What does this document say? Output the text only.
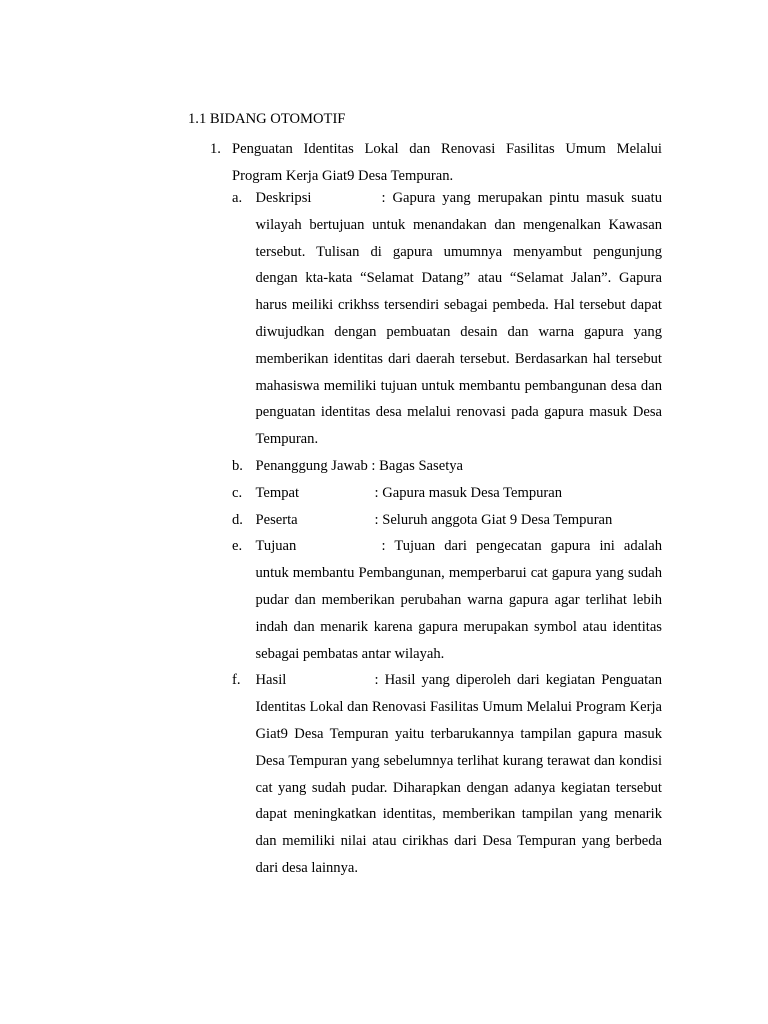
1.1 BIDANG OTOMOTIF
1. Penguatan Identitas Lokal dan Renovasi Fasilitas Umum Melalui Program Kerja Giat9 Desa Tempuran.
a. Deskripsi	: Gapura yang merupakan pintu masuk suatu wilayah bertujuan untuk menandakan dan mengenalkan Kawasan tersebut. Tulisan di gapura umumnya menyambut pengunjung dengan kta-kata “Selamat Datang” atau “Selamat Jalan”. Gapura harus meiliki crikhss tersendiri sebagai pembeda. Hal tersebut dapat diwujudkan dengan pembuatan desain dan warna gapura yang memberikan identitas dari daerah tersebut. Berdasarkan hal tersebut mahasiswa memiliki tujuan untuk membantu pembangunan desa dan penguatan identitas desa melalui renovasi pada gapura masuk Desa Tempuran.
b. Penanggung Jawab : Bagas Sasetya
c. Tempat	: Gapura masuk Desa Tempuran
d. Peserta	: Seluruh anggota Giat 9 Desa Tempuran
e. Tujuan	: Tujuan dari pengecatan gapura ini adalah untuk membantu Pembangunan, memperbarui cat gapura yang sudah pudar dan memberikan perubahan warna gapura agar terlihat lebih indah dan menarik karena gapura merupakan symbol atau identitas sebagai pembatas antar wilayah.
f. Hasil	: Hasil yang diperoleh dari kegiatan Penguatan Identitas Lokal dan Renovasi Fasilitas Umum Melalui Program Kerja Giat9 Desa Tempuran yaitu terbarukannya tampilan gapura masuk Desa Tempuran yang sebelumnya terlihat kurang terawat dan kondisi cat yang sudah pudar. Diharapkan dengan adanya kegiatan tersebut dapat meningkatkan identitas, memberikan tampilan yang menarik dan memiliki nilai atau cirikhas dari Desa Tempuran yang berbeda dari desa lainnya.
